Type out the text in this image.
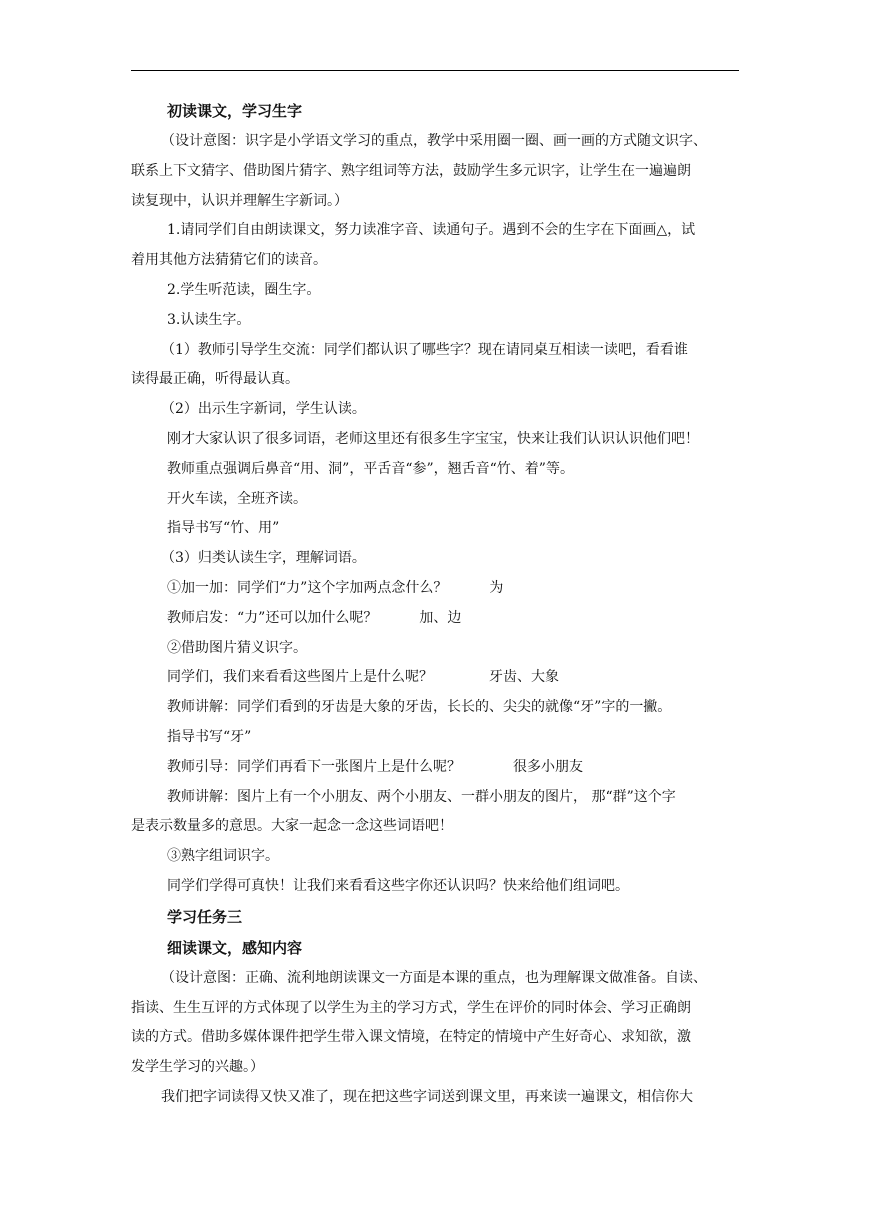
初读课文，学习生字
（设计意图：识字是小学语文学习的重点，教学中采用圈一圈、画一画的方式随文识字、
联系上下文猜字、借助图片猜字、熟字组词等方法，鼓励学生多元识字，让学生在一遍遍朗
读复现中，认识并理解生字新词。）
1.请同学们自由朗读课文，努力读准字音、读通句子。遇到不会的生字在下面画△，试
着用其他方法猜猜它们的读音。
2.学生听范读，圈生字。
3.认读生字。
（1）教师引导学生交流：同学们都认识了哪些字？现在请同桌互相读一读吧，看看谁
读得最正确，听得最认真。
（2）出示生字新词，学生认读。
刚才大家认识了很多词语，老师这里还有很多生字宝宝，快来让我们认识认识他们吧！
教师重点强调后鼻音“用、洞”，平舌音“参”，翘舌音“竹、着”等。
开火车读，全班齐读。
指导书写“竹、用”
（3）归类认读生字，理解词语。
①加一加：同学们“力”这个字加两点念什么？	为
教师启发：“力”还可以加什么呢？	加、边
②借助图片猜义识字。
同学们，我们来看看这些图片上是什么呢？	牙齿、大象
教师讲解：同学们看到的牙齿是大象的牙齿，长长的、尖尖的就像“牙”字的一撇。
指导书写“牙”
教师引导：同学们再看下一张图片上是什么呢？	很多小朋友
教师讲解：图片上有一个小朋友、两个小朋友、一群小朋友的图片， 那“群”这个字
是表示数量多的意思。大家一起念一念这些词语吧！
③熟字组词识字。
同学们学得可真快！让我们来看看这些字你还认识吗？快来给他们组词吧。
学习任务三
细读课文，感知内容
（设计意图：正确、流利地朗读课文一方面是本课的重点，也为理解课文做准备。自读、
指读、生生互评的方式体现了以学生为主的学习方式，学生在评价的同时体会、学习正确朗
读的方式。借助多媒体课件把学生带入课文情境，在特定的情境中产生好奇心、求知欲，激
发学生学习的兴趣。）
我们把字词读得又快又准了，现在把这些字词送到课文里，再来读一遍课文，相信你大
